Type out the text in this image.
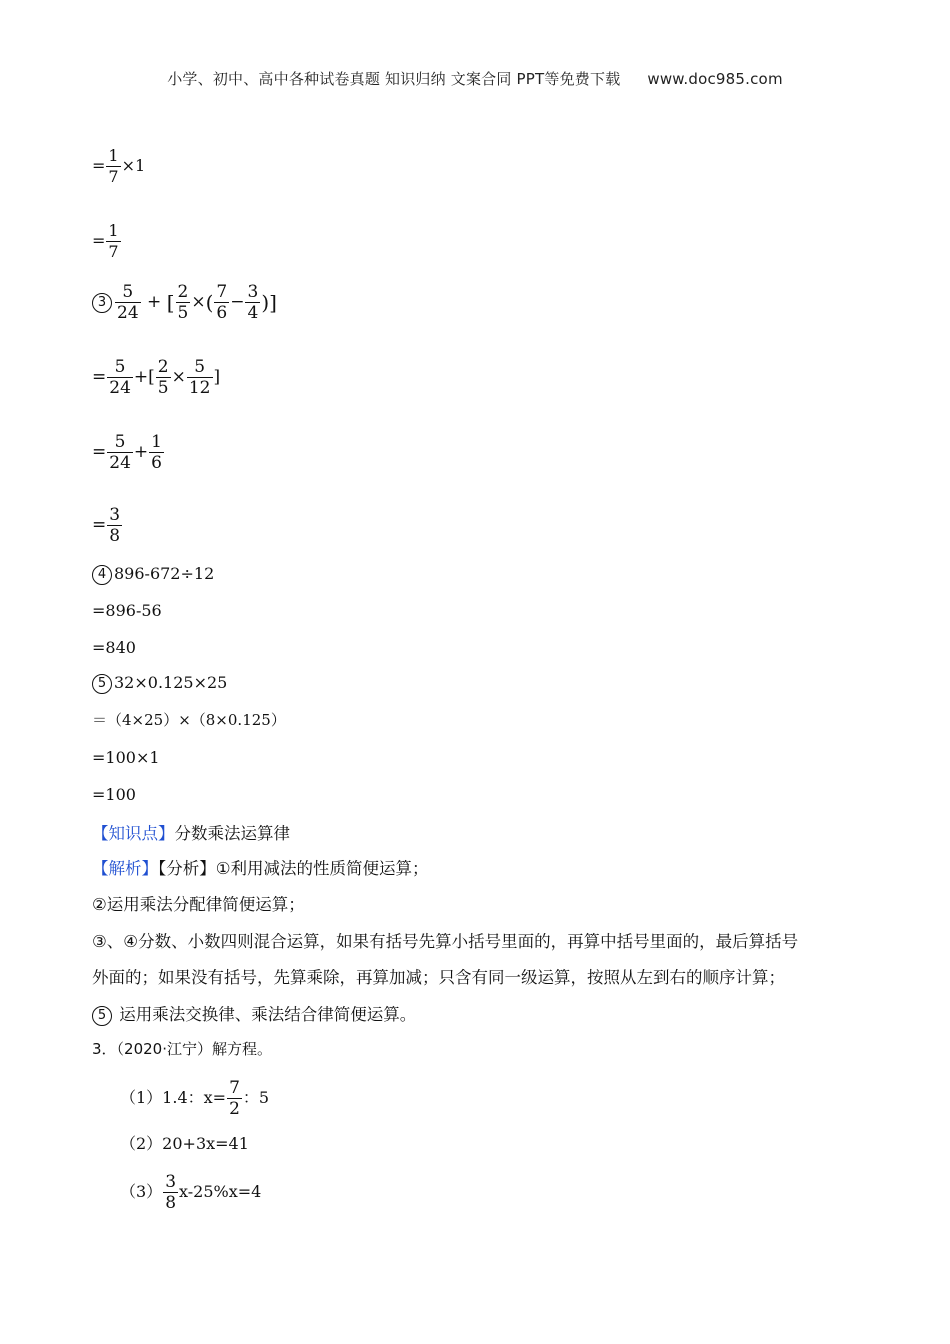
小学、初中、高中各种试卷真题 知识归纳 文案合同 PPT等免费下载 www.doc985.com
= $\frac{1}{7} \times 1$
= $\frac{1}{7}$
$3 \frac{5}{24}$ + [ $\frac{2}{5}$ ×( $\frac{7}{6} - \frac{3}{4}$ )]
= $\frac{5}{24}$ +[ $\frac{2}{5} \times \frac{5}{12}$ ]
= $\frac{5}{24} + \frac{1}{6}$
= $\frac{3}{8}$
4 896-672÷12
=896-56
=840
5 32×0.125×25
＝（4×25）×（8×0.125）
=100×1
=100
【知识点】分数乘法运算律
【解析】【分析】①利用减法的性质简便运算；
②运用乘法分配律简便运算；
③、④分数、小数四则混合运算，如果有括号先算小括号里面的，再算中括号里面的，最后算括号
外面的；如果没有括号，先算乘除，再算加减；只含有同一级运算，按照从左到右的顺序计算；
5 运用乘法交换律、乘法结合律简便运算。
3．（2020·江宁）解方程。
（1）1.4：$x= \frac{7}{2}$ ：5
（2）20+3x=41
$(3) \frac{3}{8} x-25\%x=4$
